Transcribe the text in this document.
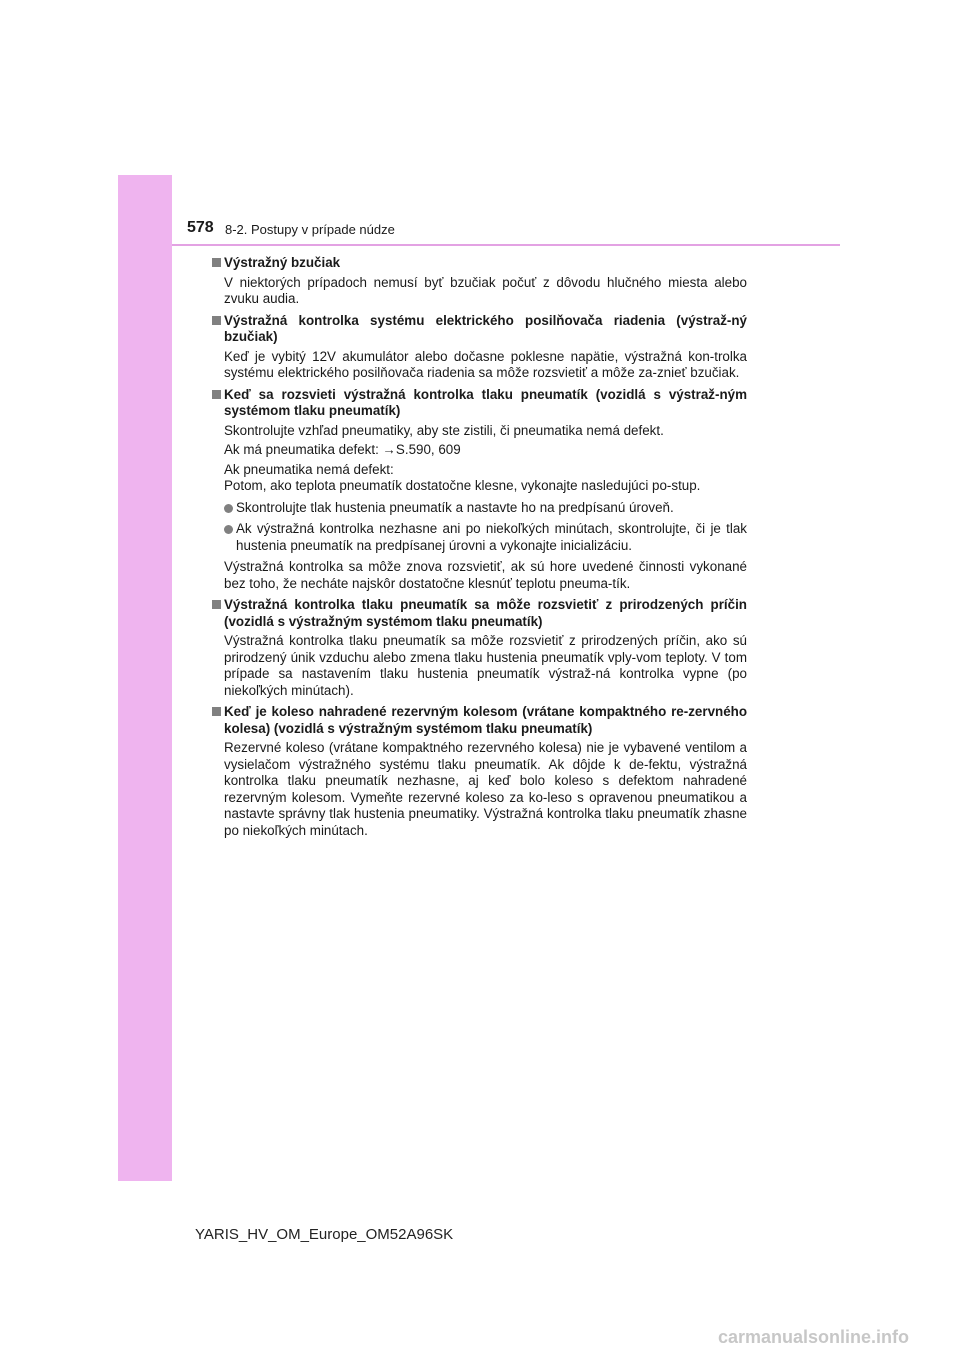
578 8-2. Postupy v prípade núdze
Výstražný bzučiak
V niektorých prípadoch nemusí byť bzučiak počuť z dôvodu hlučného miesta alebo zvuku audia.
Výstražná kontrolka systému elektrického posilňovača riadenia (výstraž-ný bzučiak)
Keď je vybitý 12V akumulátor alebo dočasne poklesne napätie, výstražná kon-trolka systému elektrického posilňovača riadenia sa môže rozsvietiť a môže za-znieť bzučiak.
Keď sa rozsvieti výstražná kontrolka tlaku pneumatík (vozidlá s výstraž-ným systémom tlaku pneumatík)
Skontrolujte vzhľad pneumatiky, aby ste zistili, či pneumatika nemá defekt.
Ak má pneumatika defekt: →S.590, 609
Ak pneumatika nemá defekt:
Potom, ako teplota pneumatík dostatočne klesne, vykonajte nasledujúci po-stup.
Skontrolujte tlak hustenia pneumatík a nastavte ho na predpísanú úroveň.
Ak výstražná kontrolka nezhasne ani po niekoľkých minútach, skontrolujte, či je tlak hustenia pneumatík na predpísanej úrovni a vykonajte inicializáciu.
Výstražná kontrolka sa môže znova rozsvietiť, ak sú hore uvedené činnosti vykonané bez toho, že necháte najskôr dostatočne klesnúť teplotu pneuma-tík.
Výstražná kontrolka tlaku pneumatík sa môže rozsvietiť z prirodzených príčin (vozidlá s výstražným systémom tlaku pneumatík)
Výstražná kontrolka tlaku pneumatík sa môže rozsvietiť z prirodzených príčin, ako sú prirodzený únik vzduchu alebo zmena tlaku hustenia pneumatík vply-vom teploty. V tom prípade sa nastavením tlaku hustenia pneumatík výstraž-ná kontrolka vypne (po niekoľkých minútach).
Keď je koleso nahradené rezervným kolesom (vrátane kompaktného re-zervného kolesa) (vozidlá s výstražným systémom tlaku pneumatík)
Rezervné koleso (vrátane kompaktného rezervného kolesa) nie je vybavené ventilom a vysielačom výstražného systému tlaku pneumatík. Ak dôjde k de-fektu, výstražná kontrolka tlaku pneumatík nezhasne, aj keď bolo koleso s defektom nahradené rezervným kolesom. Vymeňte rezervné koleso za ko-leso s opravenou pneumatikou a nastavte správny tlak hustenia pneumatiky. Výstražná kontrolka tlaku pneumatík zhasne po niekoľkých minútach.
YARIS_HV_OM_Europe_OM52A96SK
carmanualsonline.info
